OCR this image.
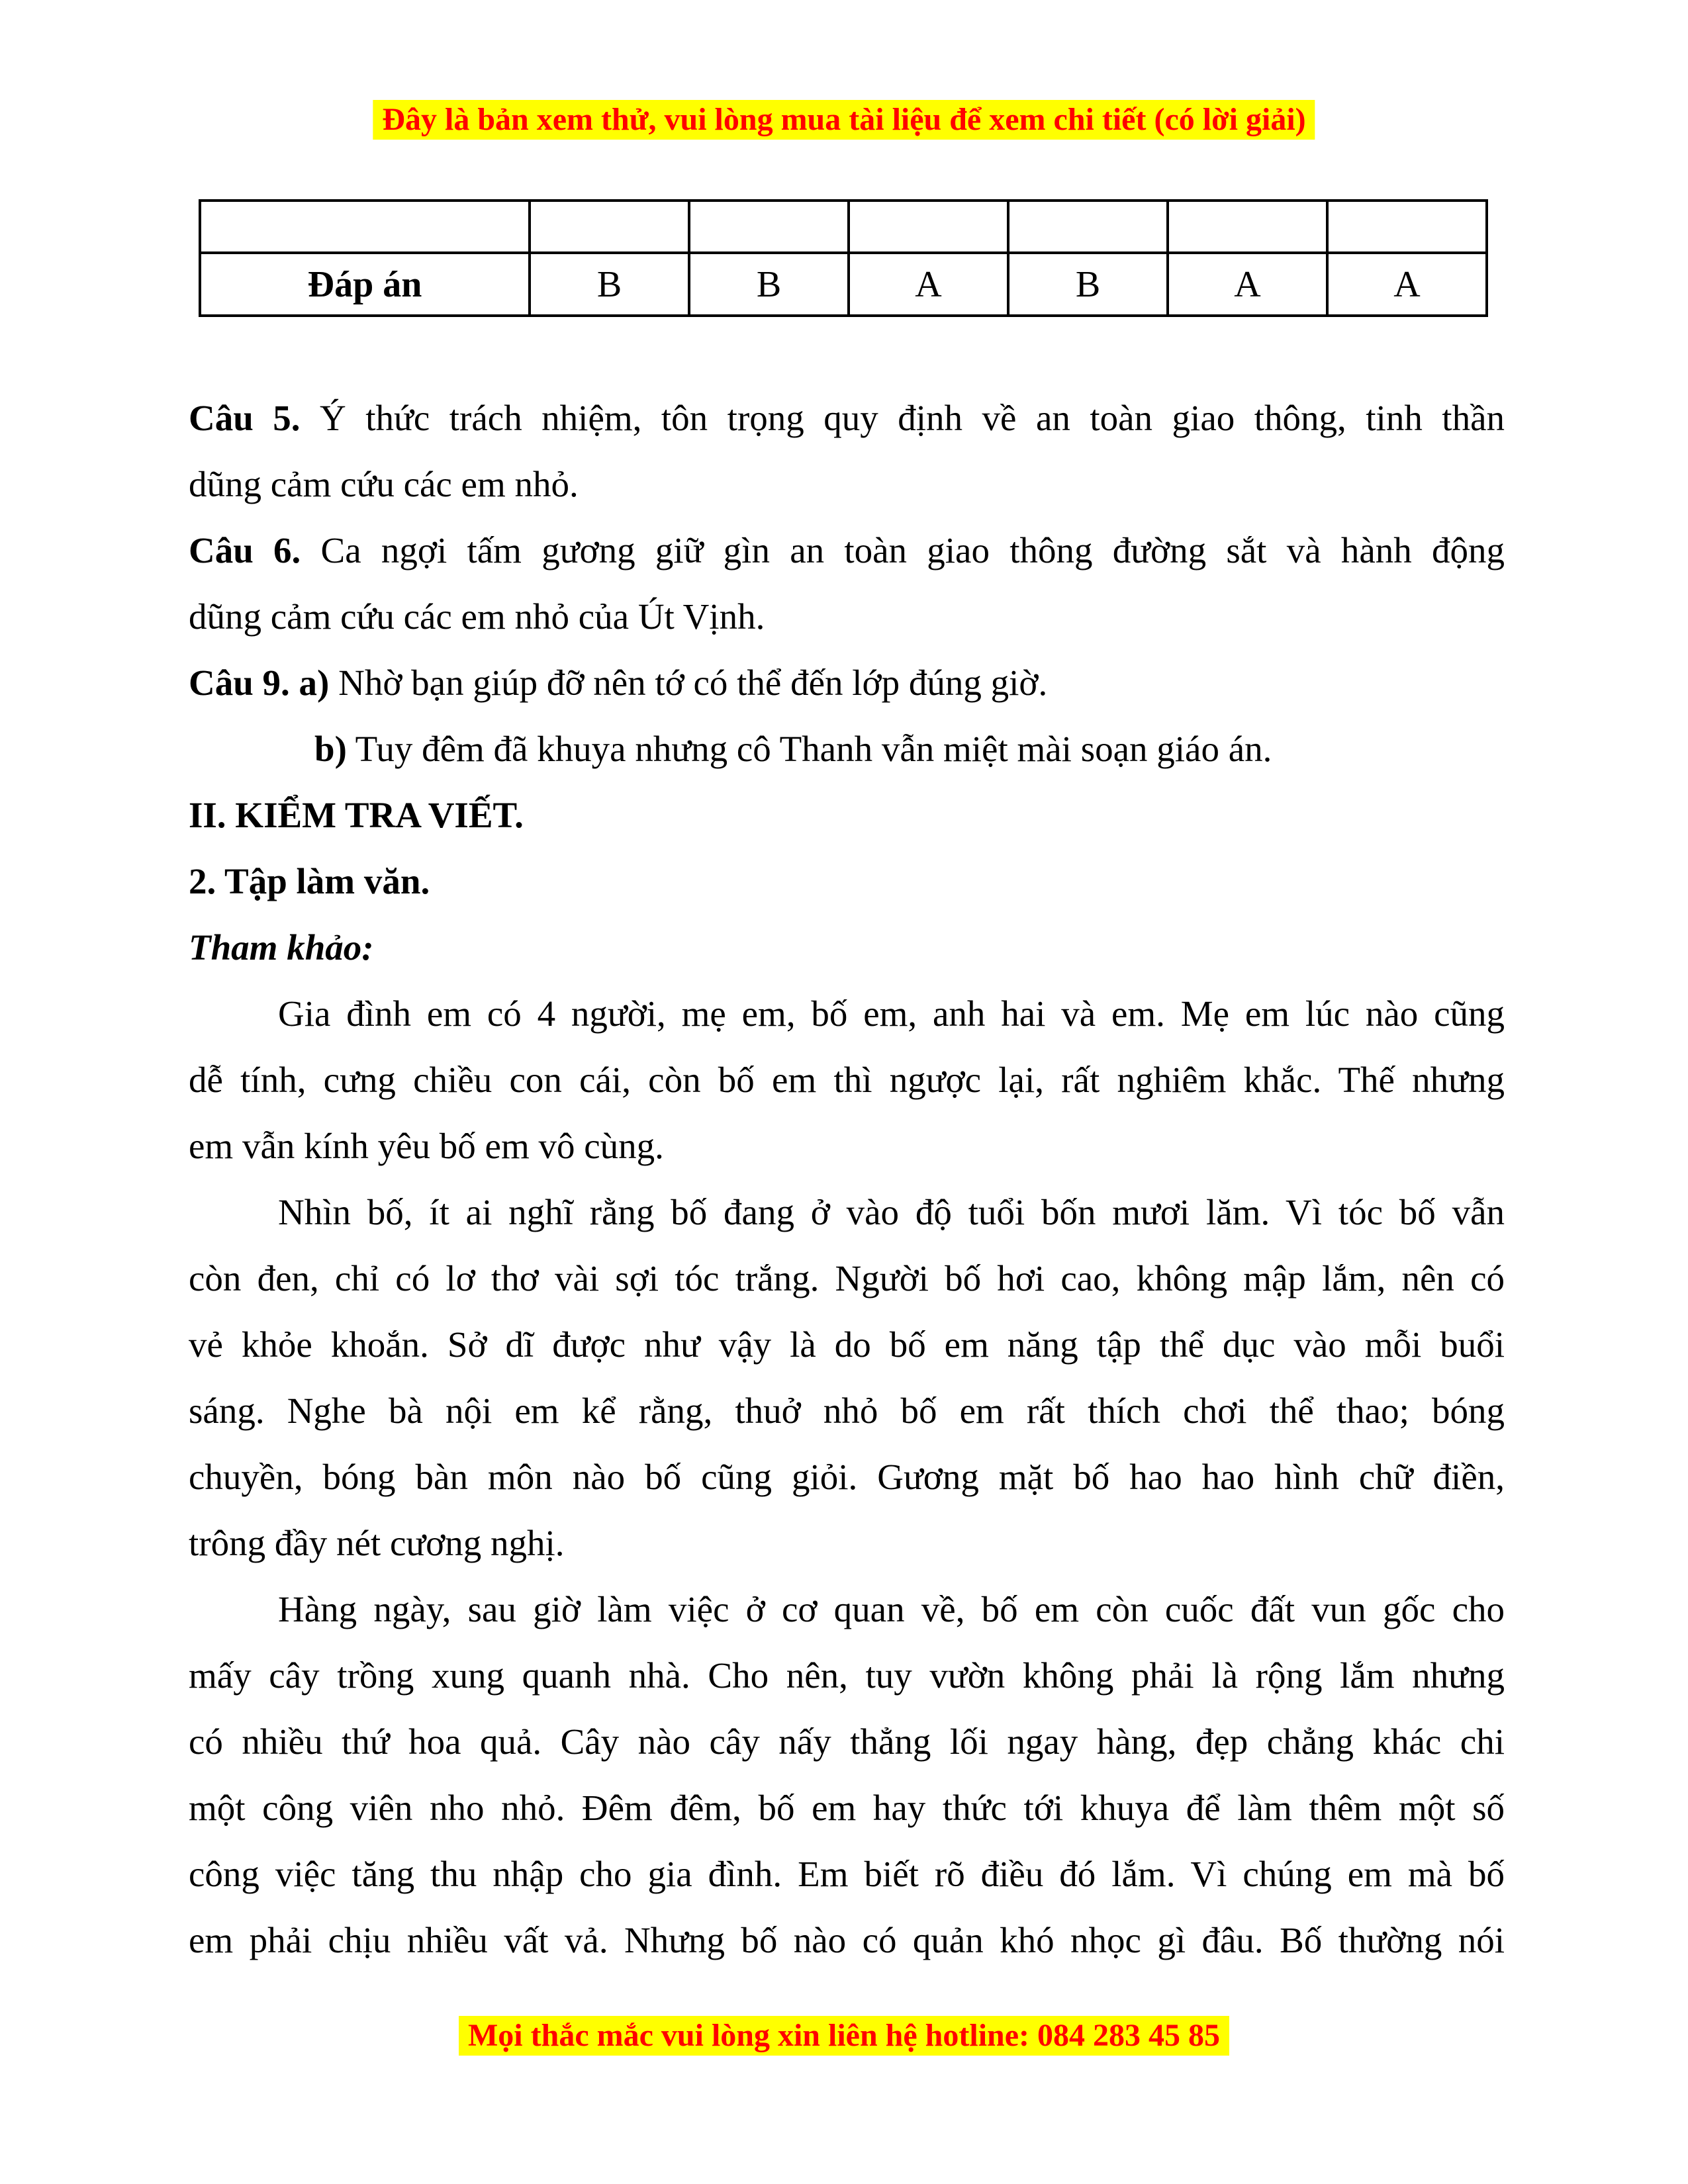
Đây là bản xem thử, vui lòng mua tài liệu để xem chi tiết (có lời giải)

Đáp án	B	B	A	B	A	A
Câu 5. Ý thức trách nhiệm, tôn trọng quy định về an toàn giao thông, tinh thần
dũng cảm cứu các em nhỏ.
Câu 6. Ca ngợi tấm gương giữ gìn an toàn giao thông đường sắt và hành động
dũng cảm cứu các em nhỏ của Út Vịnh.
Câu 9. a) Nhờ bạn giúp đỡ nên tớ có thể đến lớp đúng giờ.
b) Tuy đêm đã khuya nhưng cô Thanh vẫn miệt mài soạn giáo án.
II. KIỂM TRA VIẾT.
2. Tập làm văn.
Tham khảo:
Gia đình em có 4 người, mẹ em, bố em, anh hai và em. Mẹ em lúc nào cũng
dễ tính, cưng chiều con cái, còn bố em thì ngược lại, rất nghiêm khắc. Thế nhưng
em vẫn kính yêu bố em vô cùng.
Nhìn bố, ít ai nghĩ rằng bố đang ở vào độ tuổi bốn mươi lăm. Vì tóc bố vẫn
còn đen, chỉ có lơ thơ vài sợi tóc trắng. Người bố hơi cao, không mập lắm, nên có
vẻ khỏe khoắn. Sở dĩ được như vậy là do bố em năng tập thể dục vào mỗi buổi
sáng. Nghe bà nội em kể rằng, thuở nhỏ bố em rất thích chơi thể thao; bóng
chuyền, bóng bàn môn nào bố cũng giỏi. Gương mặt bố hao hao hình chữ điền,
trông đầy nét cương nghị.
Hàng ngày, sau giờ làm việc ở cơ quan về, bố em còn cuốc đất vun gốc cho
mấy cây trồng xung quanh nhà. Cho nên, tuy vườn không phải là rộng lắm nhưng
có nhiều thứ hoa quả. Cây nào cây nấy thẳng lối ngay hàng, đẹp chẳng khác chi
một công viên nho nhỏ. Đêm đêm, bố em hay thức tới khuya để làm thêm một số
công việc tăng thu nhập cho gia đình. Em biết rõ điều đó lắm. Vì chúng em mà bố
em phải chịu nhiều vất vả. Nhưng bố nào có quản khó nhọc gì đâu. Bố thường nói
Mọi thắc mắc vui lòng xin liên hệ hotline: 084 283 45 85
